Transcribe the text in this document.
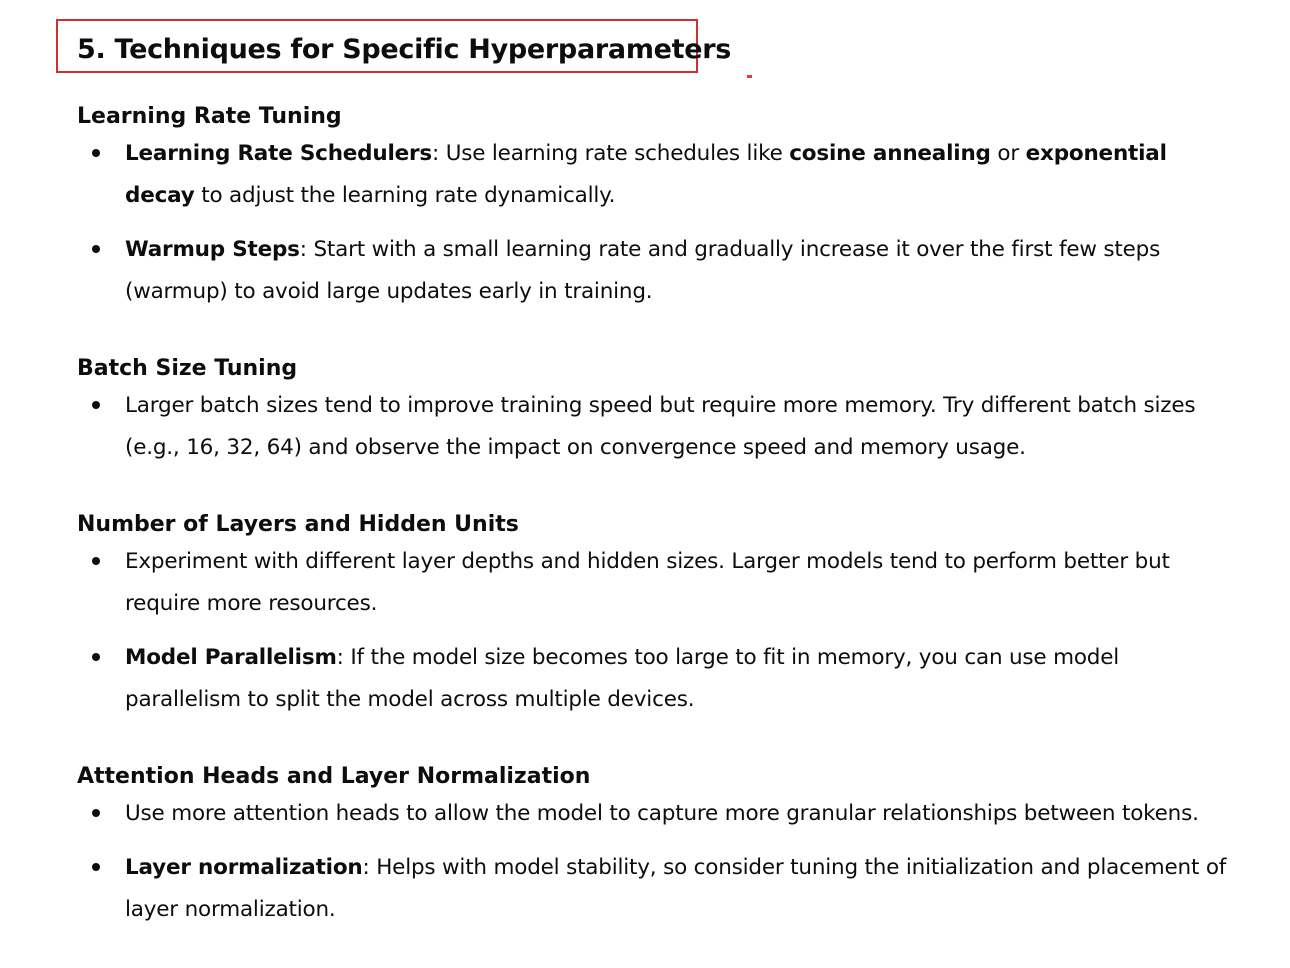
5. Techniques for Specific Hyperparameters
Learning Rate Tuning
Learning Rate Schedulers: Use learning rate schedules like cosine annealing or exponential decay to adjust the learning rate dynamically.
Warmup Steps: Start with a small learning rate and gradually increase it over the first few steps (warmup) to avoid large updates early in training.
Batch Size Tuning
Larger batch sizes tend to improve training speed but require more memory. Try different batch sizes (e.g., 16, 32, 64) and observe the impact on convergence speed and memory usage.
Number of Layers and Hidden Units
Experiment with different layer depths and hidden sizes. Larger models tend to perform better but require more resources.
Model Parallelism: If the model size becomes too large to fit in memory, you can use model parallelism to split the model across multiple devices.
Attention Heads and Layer Normalization
Use more attention heads to allow the model to capture more granular relationships between tokens.
Layer normalization: Helps with model stability, so consider tuning the initialization and placement of layer normalization.
